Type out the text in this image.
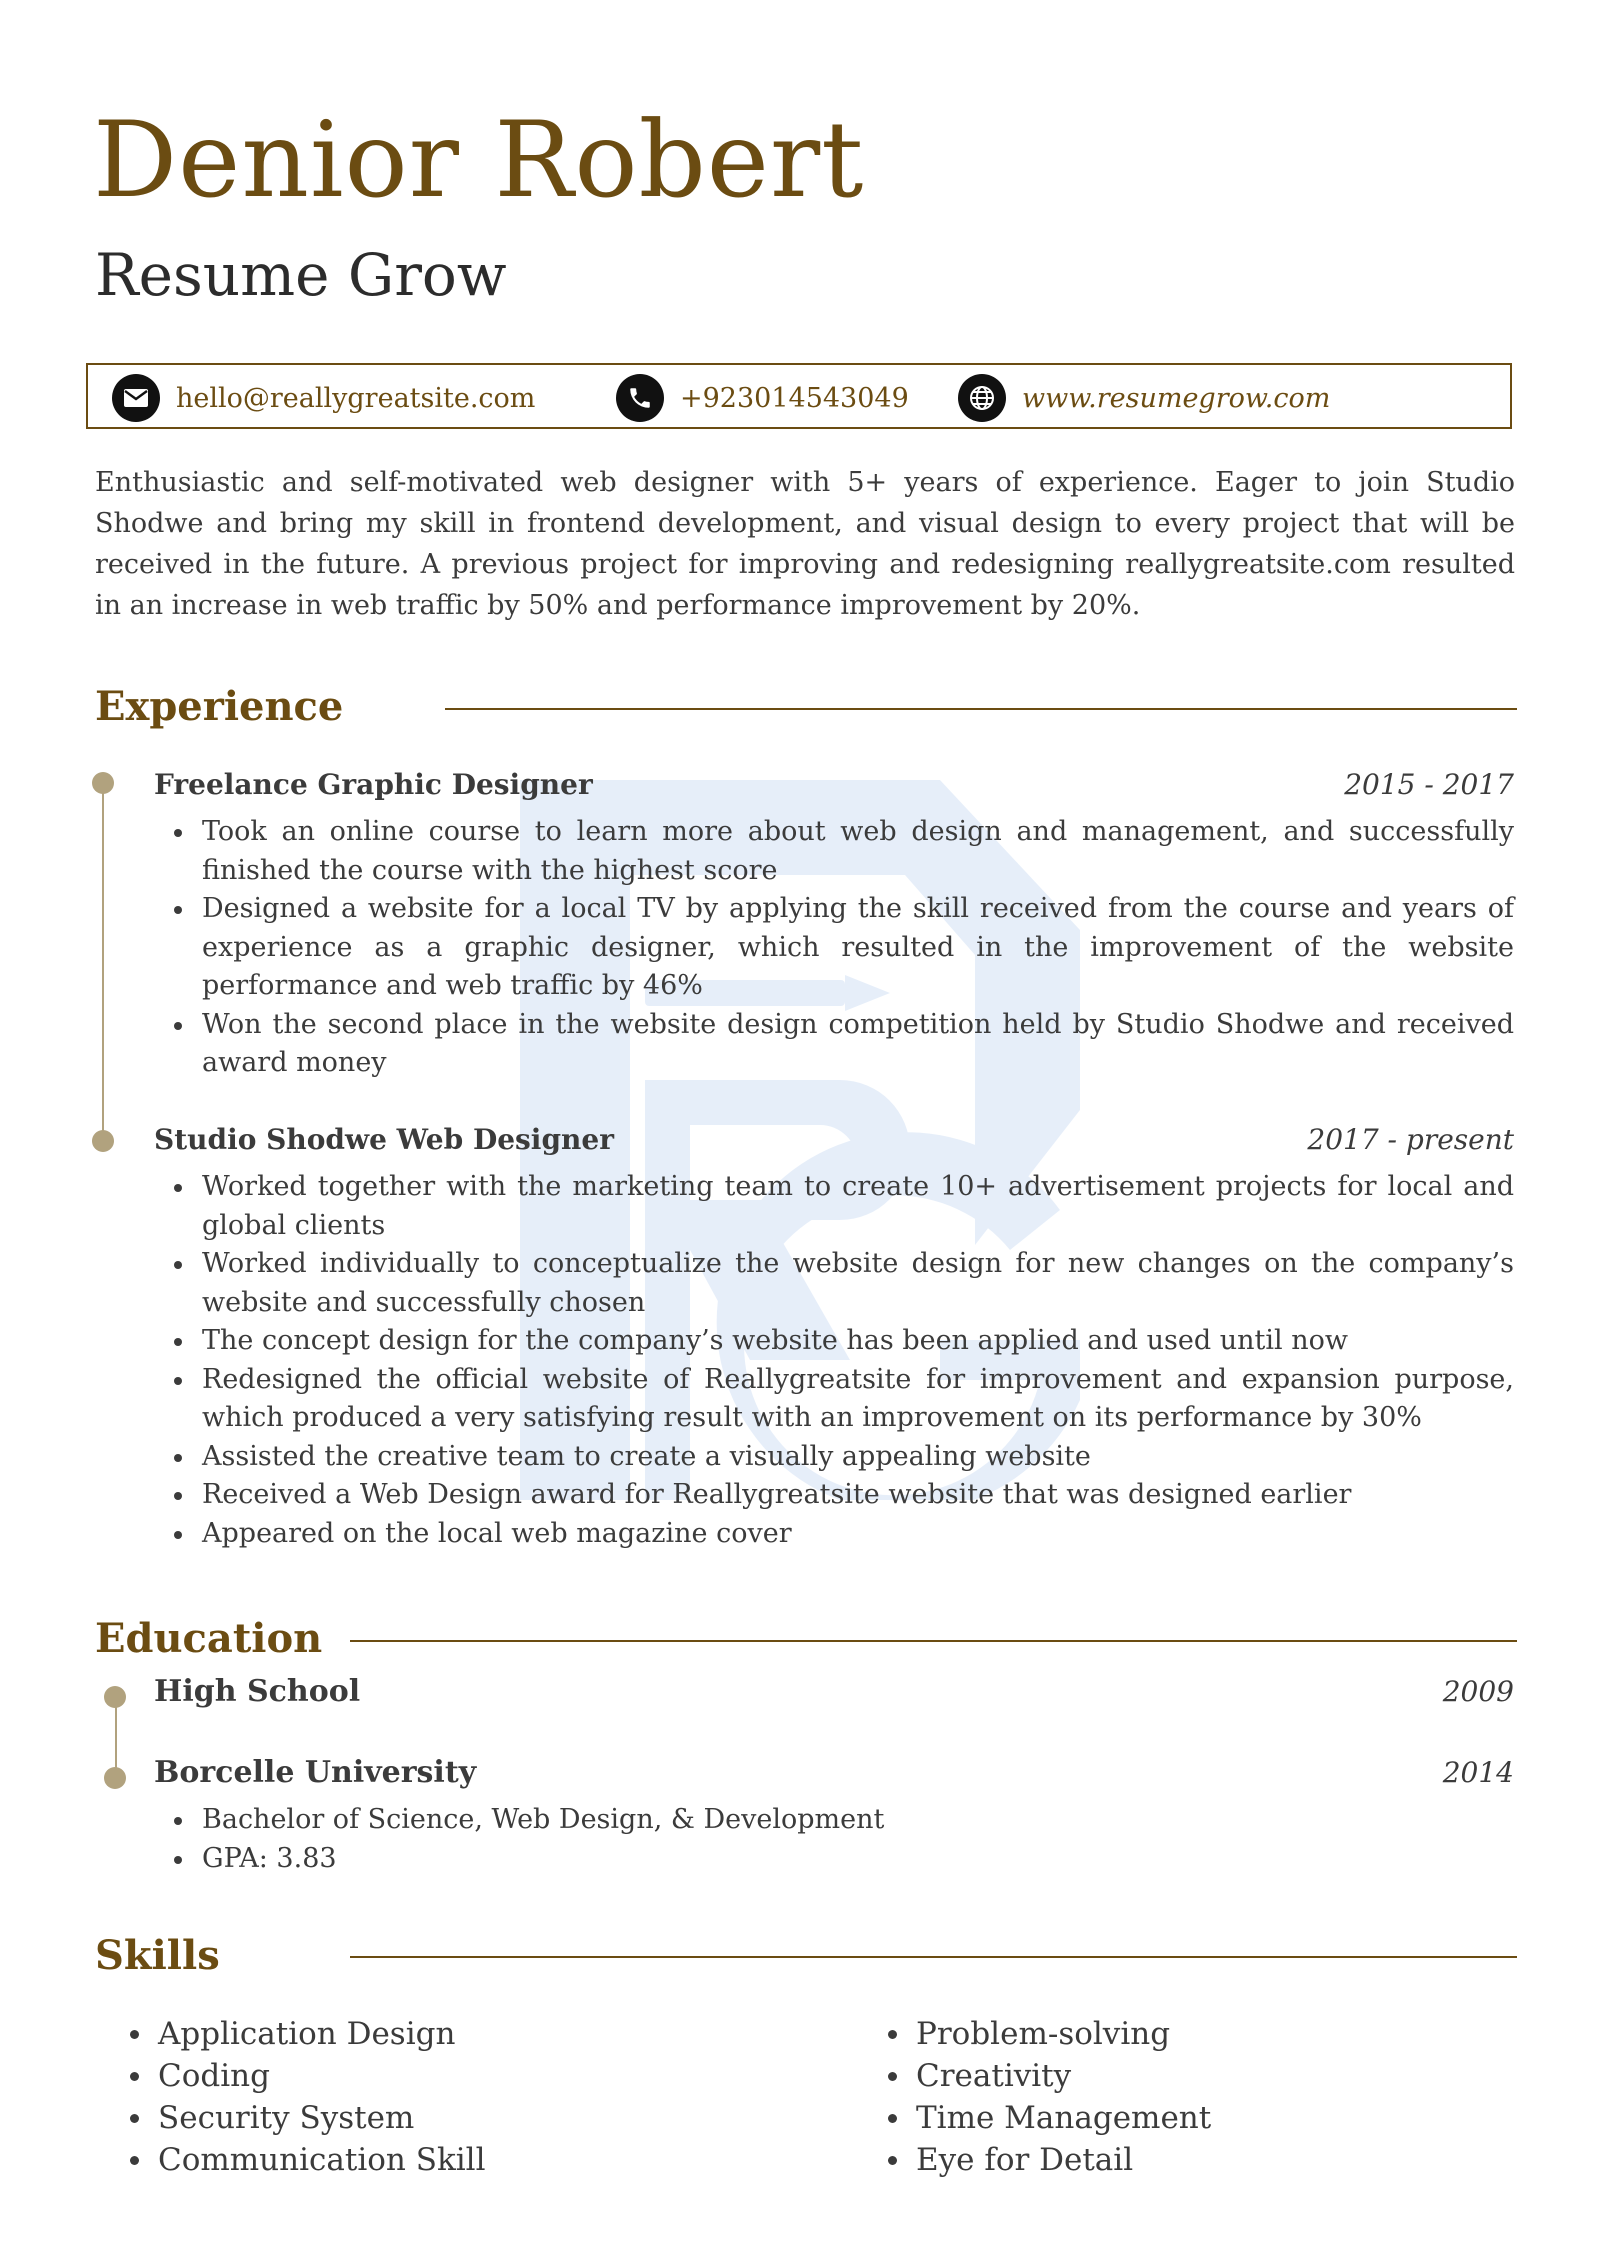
Denior Robert
Resume Grow
hello@reallygreatsite.com	+923014543049	www.resumegrow.com

Enthusiastic and self-motivated web designer with 5+ years of experience. Eager to join Studio Shodwe and bring my skill in frontend development, and visual design to every project that will be received in the future. A previous project for improving and redesigning reallygreatsite.com resulted in an increase in web traffic by 50% and performance improvement by 20%.

Experience
Freelance Graphic Designer	2015 - 2017
Took an online course to learn more about web design and management, and successfully finished the course with the highest score
Designed a website for a local TV by applying the skill received from the course and years of experience as a graphic designer, which resulted in the improvement of the website performance and web traffic by 46%
Won the second place in the website design competition held by Studio Shodwe and received award money
Studio Shodwe Web Designer	2017 - present
Worked together with the marketing team to create 10+ advertisement projects for local and global clients
Worked individually to conceptualize the website design for new changes on the company’s website and successfully chosen
The concept design for the company’s website has been applied and used until now
Redesigned the official website of Reallygreatsite for improvement and expansion purpose, which produced a very satisfying result with an improvement on its performance by 30%
Assisted the creative team to create a visually appealing website
Received a Web Design award for Reallygreatsite website that was designed earlier
Appeared on the local web magazine cover
Education
High School	2009
Borcelle University	2014
Bachelor of Science, Web Design, & Development
GPA: 3.83
Skills
Application Design
Coding
Security System
Communication Skill
Problem-solving
Creativity
Time Management
Eye for Detail
